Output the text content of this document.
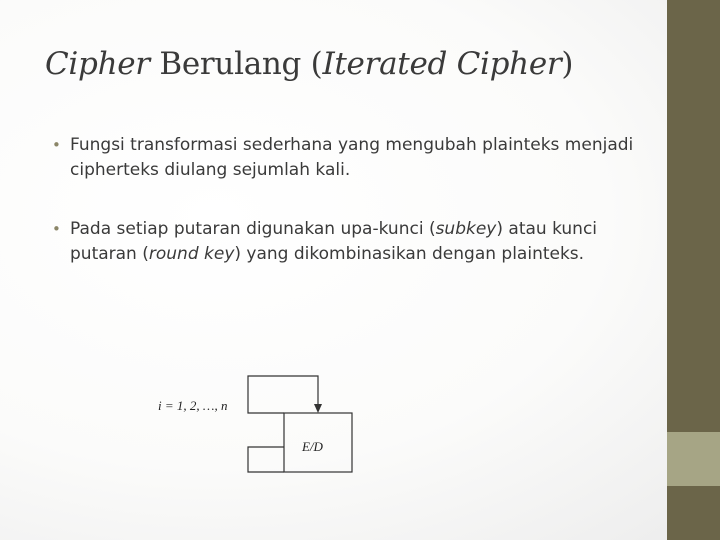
Cipher Berulang (Iterated Cipher)
• Fungsi transformasi sederhana yang mengubah plainteks menjadi cipherteks diulang sejumlah kali.
• Pada setiap putaran digunakan upa-kunci (subkey) atau kunci putaran (round key) yang dikombinasikan dengan plainteks.
E/D
i = 1, 2, …, n
